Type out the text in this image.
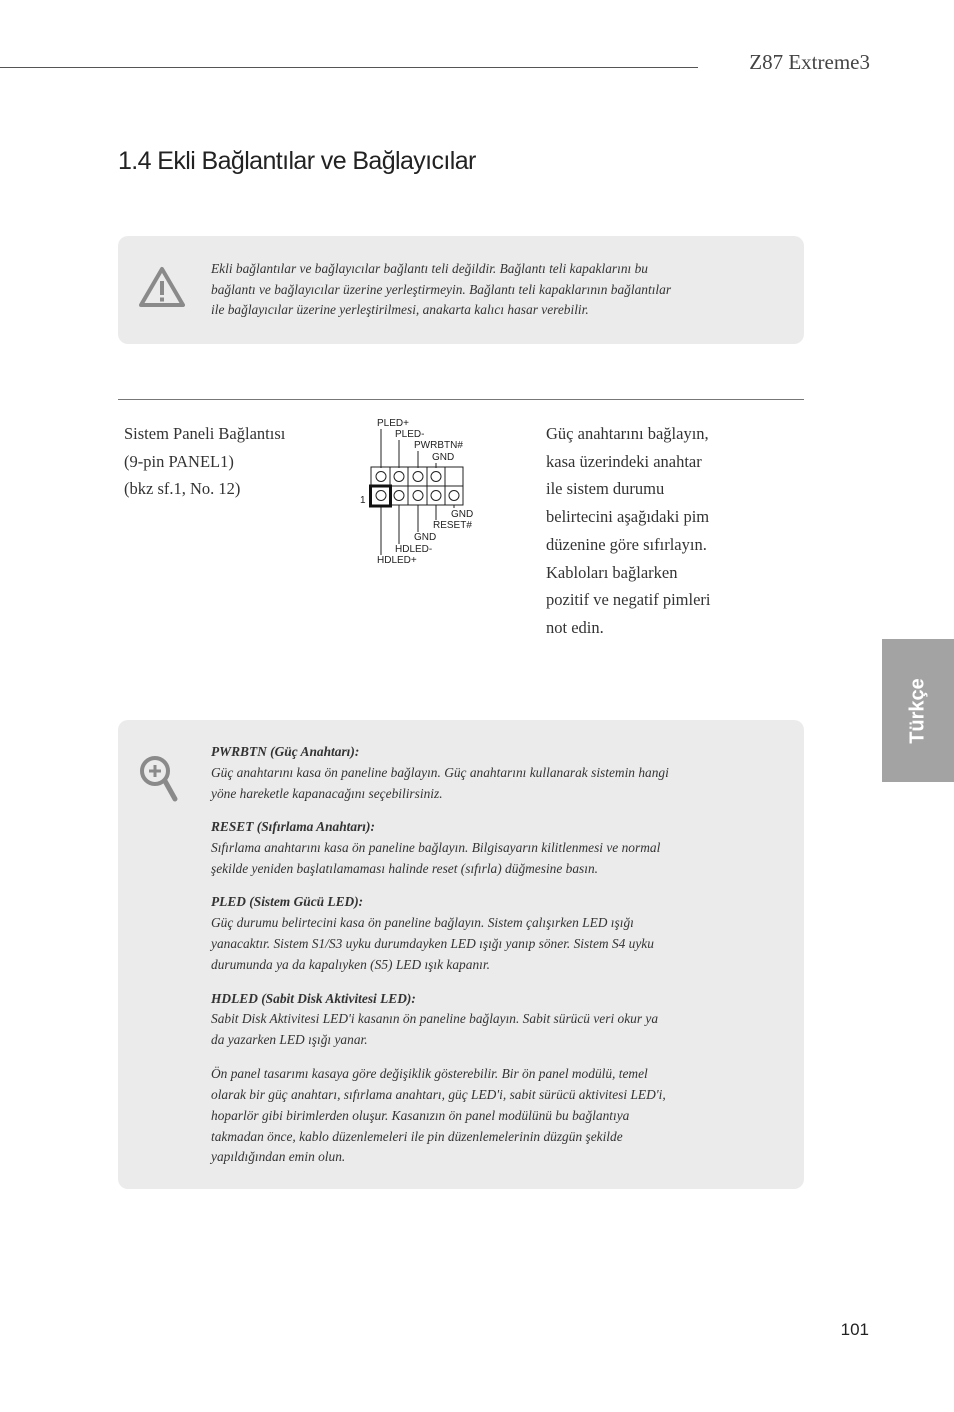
Z87 Extreme3
1.4 Ekli Bağlantılar ve Bağlayıcılar
Ekli bağlantılar ve bağlayıcılar bağlantı teli değildir. Bağlantı teli kapaklarını bu
bağlantı ve bağlayıcılar üzerine yerleştirmeyin. Bağlantı teli kapaklarının bağlantılar
ile bağlayıcılar üzerine yerleştirilmesi, anakarta kalıcı hasar verebilir.
Sistem Paneli Bağlantısı
(9-pin PANEL1)
(bkz sf.1, No. 12)
PLED+
PLED-
PWRBTN#
GND
1
GND
RESET#
GND
HDLED-
HDLED+
Güç anahtarını bağlayın,
kasa üzerindeki anahtar
ile sistem durumu
belirtecini aşağıdaki pim
düzenine göre sıfırlayın.
Kabloları bağlarken
pozitif ve negatif pimleri
not edin.
PWRBTN (Güç Anahtarı):
Güç anahtarını kasa ön paneline bağlayın. Güç anahtarını kullanarak sistemin hangi
yöne hareketle kapanacağını seçebilirsiniz.
RESET (Sıfırlama Anahtarı):
Sıfırlama anahtarını kasa ön paneline bağlayın. Bilgisayarın kilitlenmesi ve normal
şekilde yeniden başlatılamaması halinde reset (sıfırla) düğmesine basın.
PLED (Sistem Gücü LED):
Güç durumu belirtecini kasa ön paneline bağlayın. Sistem çalışırken LED ışığı
yanacaktır. Sistem S1/S3 uyku durumdayken LED ışığı yanıp söner. Sistem S4 uyku
durumunda ya da kapalıyken (S5) LED ışık kapanır.
HDLED (Sabit Disk Aktivitesi LED):
Sabit Disk Aktivitesi LED'i kasanın ön paneline bağlayın. Sabit sürücü veri okur ya
da yazarken LED ışığı yanar.
Ön panel tasarımı kasaya göre değişiklik gösterebilir. Bir ön panel modülü, temel
olarak bir güç anahtarı, sıfırlama anahtarı, güç LED'i, sabit sürücü aktivitesi LED'i,
hoparlör gibi birimlerden oluşur. Kasanızın ön panel modülünü bu bağlantıya
takmadan önce, kablo düzenlemeleri ile pin düzenlemelerinin düzgün şekilde
yapıldığından emin olun.
Türkçe
101
